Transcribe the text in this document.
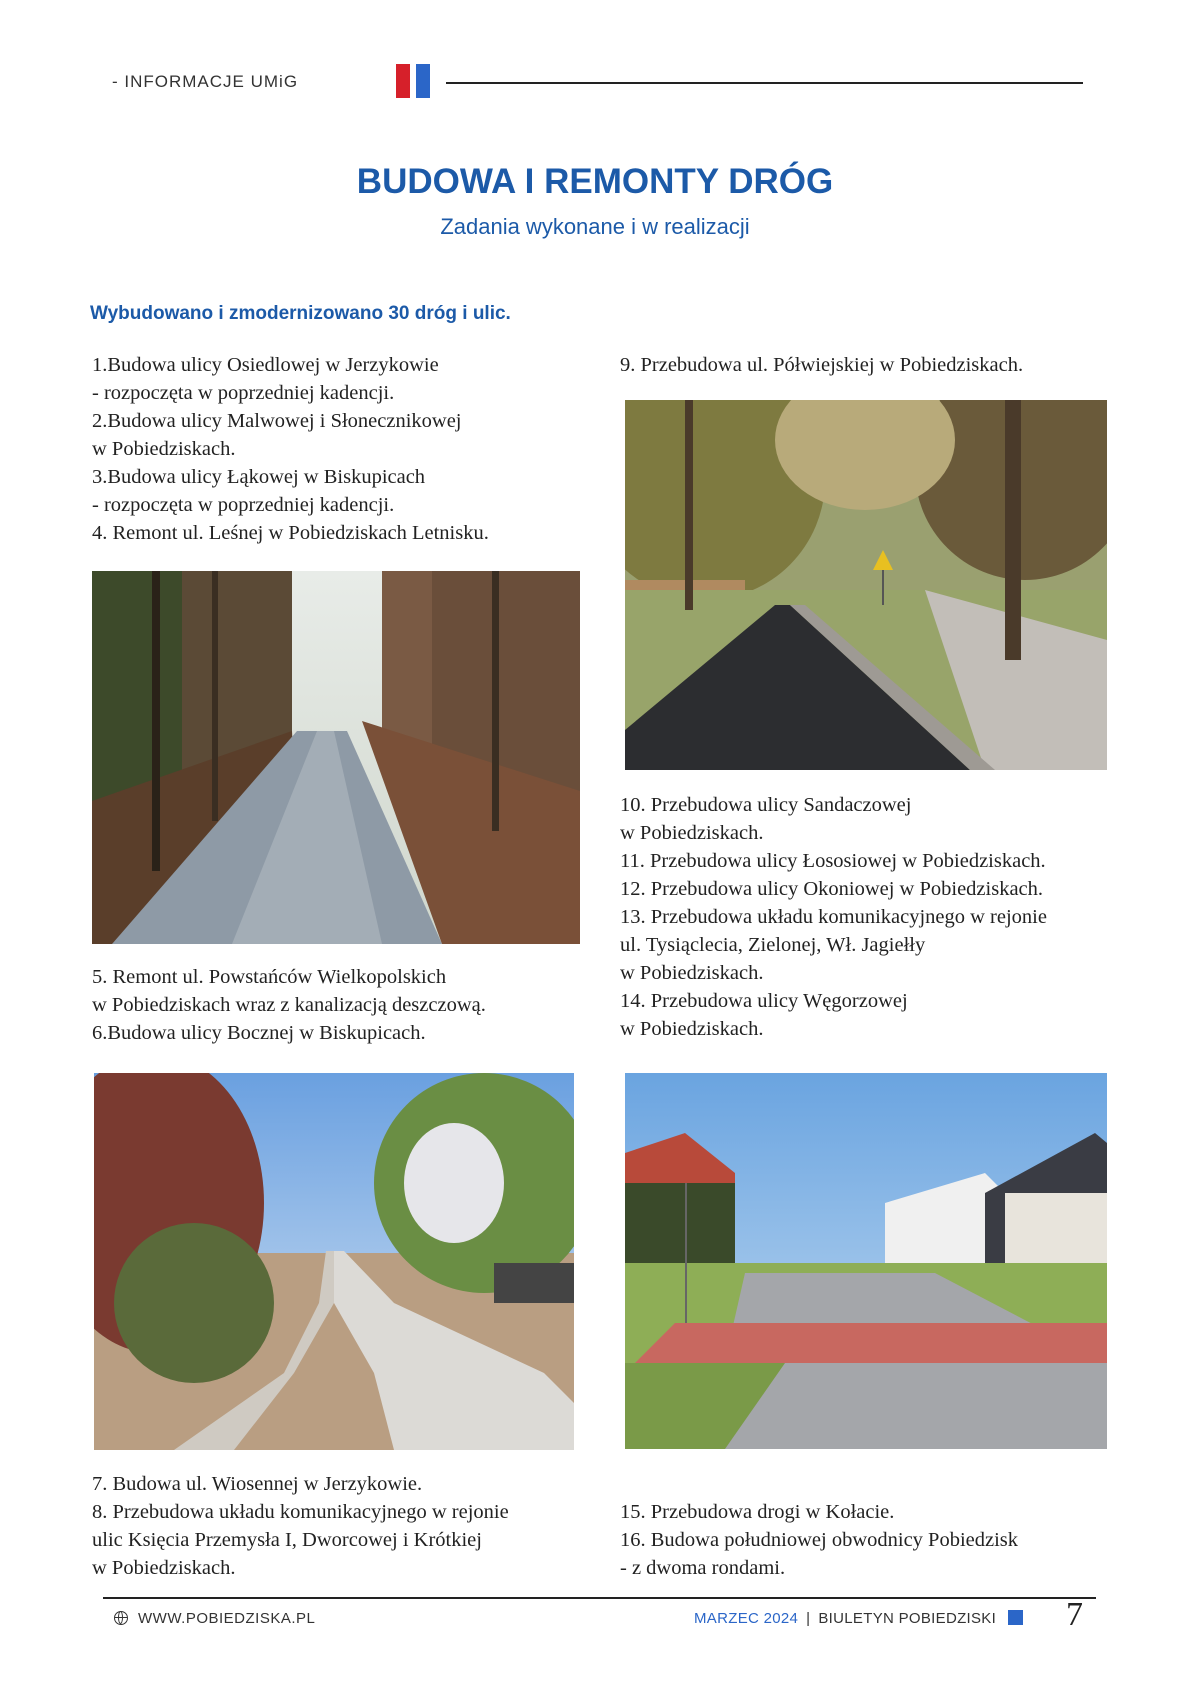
- INFORMACJE UMiG
BUDOWA I REMONTY DRÓG
Zadania wykonane i w realizacji
Wybudowano i zmodernizowano 30 dróg i ulic.
1.Budowa ulicy Osiedlowej w Jerzykowie
- rozpoczęta w poprzedniej kadencji.
2.Budowa ulicy Malwowej i Słonecznikowej
w Pobiedziskach.
3.Budowa ulicy Łąkowej w Biskupicach
- rozpoczęta w poprzedniej kadencji.
4. Remont ul. Leśnej w Pobiedziskach Letnisku.
5. Remont ul. Powstańców Wielkopolskich
w Pobiedziskach wraz z kanalizacją deszczową.
6.Budowa ulicy Bocznej w Biskupicach.
7. Budowa ul. Wiosennej w Jerzykowie.
8. Przebudowa układu komunikacyjnego w rejonie
ulic Księcia Przemysła I, Dworcowej i Krótkiej
w Pobiedziskach.
9. Przebudowa ul. Półwiejskiej w Pobiedziskach.
10. Przebudowa ulicy Sandaczowej
w Pobiedziskach.
11. Przebudowa ulicy Łososiowej w Pobiedziskach.
12. Przebudowa ulicy Okoniowej w Pobiedziskach.
13. Przebudowa układu komunikacyjnego w rejonie
ul. Tysiąclecia, Zielonej, Wł. Jagiełły
w Pobiedziskach.
14. Przebudowa ulicy Węgorzowej
w Pobiedziskach.
15. Przebudowa drogi w Kołacie.
16. Budowa południowej obwodnicy Pobiedzisk
- z dwoma rondami.
WWW.POBIEDZISKA.PL	MARZEC 2024 | BIULETYN POBIEDZISKI 7
